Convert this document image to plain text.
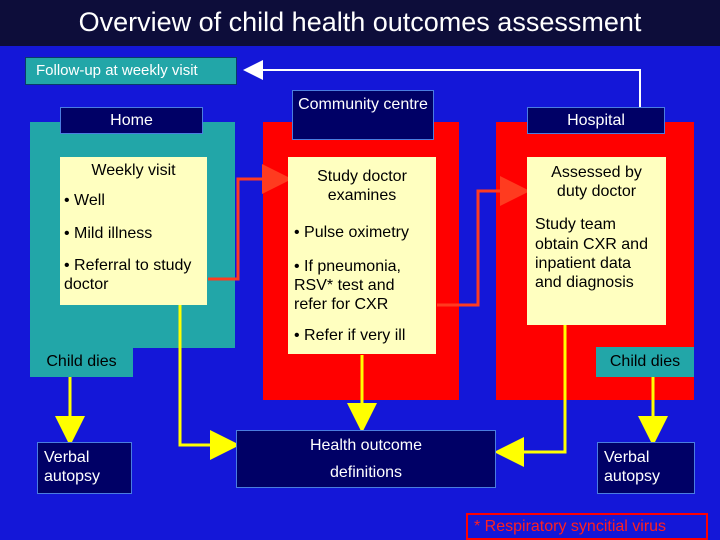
Overview of child health outcomes assessment
Follow-up at weekly visit
Home
Community centre
Hospital
Weekly visit
• Well
• Mild illness
• Referral to study doctor
Study doctor examines
• Pulse oximetry
• If pneumonia, RSV* test and refer for CXR
• Refer if very ill
Assessed by duty doctor
Study team obtain CXR and inpatient data and diagnosis
Child dies	Child dies
Verbal autopsy
Verbal autopsy
Health outcome
definitions
* Respiratory syncitial virus
